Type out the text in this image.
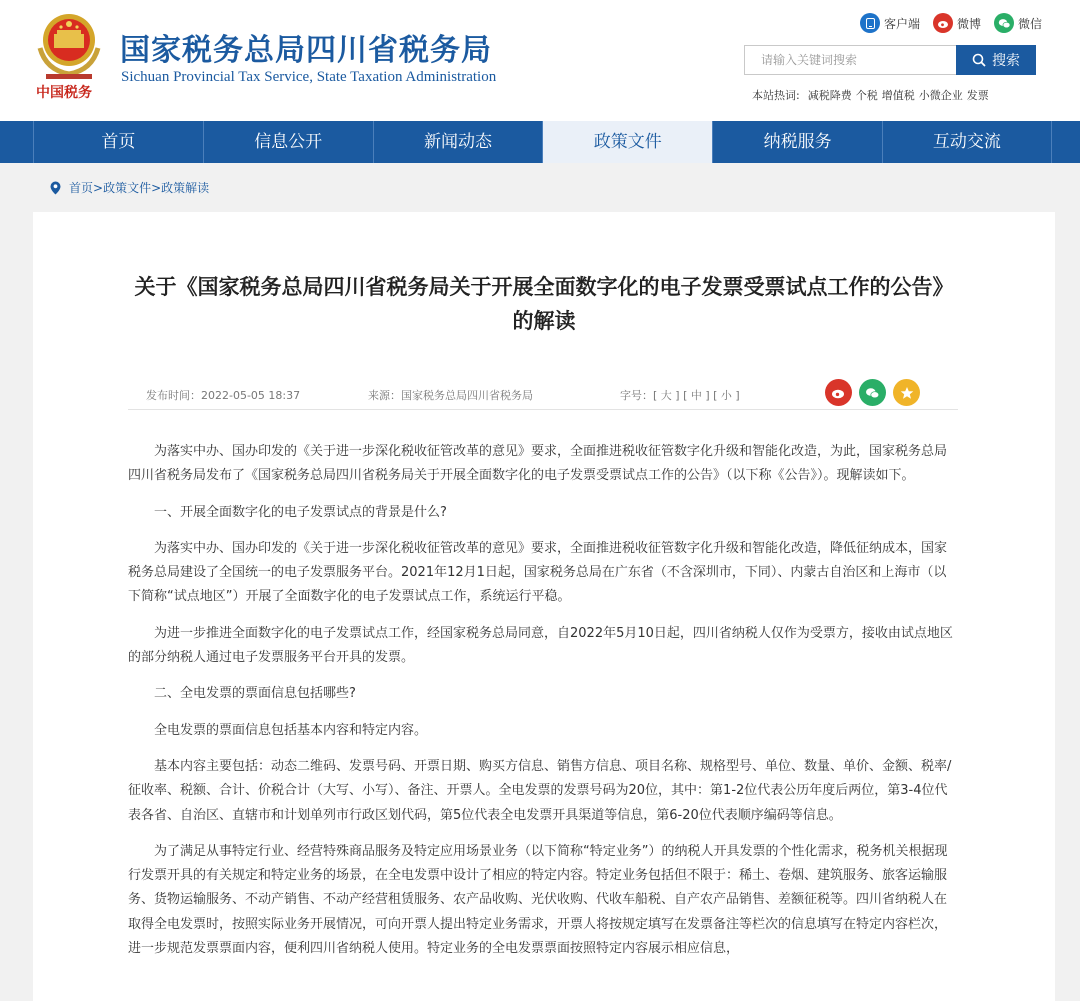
中国税务
国家税务总局四川省税务局
Sichuan Provincial Tax Service, State Taxation Administration
客户端	微博	微信
请输入关键词搜索	搜索
本站热词: 减税降费 个税 增值税 小微企业 发票
首页	信息公开	新闻动态	政策文件	纳税服务	互动交流
首页 > 政策文件 > 政策解读
关于《国家税务总局四川省税务局关于开展全面数字化的电子发票受票试点工作的公告》的解读
发布时间：2022-05-05 18:37	来源：国家税务总局四川省税务局	字号：[ 大 ] [ 中 ] [ 小 ]

为落实中办、国办印发的《关于进一步深化税收征管改革的意见》要求，全面推进税收征管数字化升级和智能化改造，为此，国家税务总局四川省税务局发布了《国家税务总局四川省税务局关于开展全面数字化的电子发票受票试点工作的公告》（以下称《公告》）。现解读如下。

一、开展全面数字化的电子发票试点的背景是什么?

为落实中办、国办印发的《关于进一步深化税收征管改革的意见》要求，全面推进税收征管数字化升级和智能化改造，降低征纳成本，国家税务总局建设了全国统一的电子发票服务平台。2021年12月1日起，国家税务总局在广东省（不含深圳市，下同）、内蒙古自治区和上海市（以下简称“试点地区”）开展了全面数字化的电子发票试点工作，系统运行平稳。

为进一步推进全面数字化的电子发票试点工作，经国家税务总局同意，自2022年5月10日起，四川省纳税人仅作为受票方，接收由试点地区的部分纳税人通过电子发票服务平台开具的发票。

二、全电发票的票面信息包括哪些?

全电发票的票面信息包括基本内容和特定内容。

基本内容主要包括：动态二维码、发票号码、开票日期、购买方信息、销售方信息、项目名称、规格型号、单位、数量、单价、金额、税率/征收率、税额、合计、价税合计（大写、小写）、备注、开票人。全电发票的发票号码为20位，其中：第1-2位代表公历年度后两位，第3-4位代表各省、自治区、直辖市和计划单列市行政区划代码，第5位代表全电发票开具渠道等信息，第6-20位代表顺序编码等信息。

为了满足从事特定行业、经营特殊商品服务及特定应用场景业务（以下简称“特定业务”）的纳税人开具发票的个性化需求，税务机关根据现行发票开具的有关规定和特定业务的场景，在全电发票中设计了相应的特定内容。特定业务包括但不限于：稀土、卷烟、建筑服务、旅客运输服务、货物运输服务、不动产销售、不动产经营租赁服务、农产品收购、光伏收购、代收车船税、自产农产品销售、差额征税等。四川省纳税人在取得全电发票时，按照实际业务开展情况，可向开票人提出特定业务需求，开票人将按规定填写在发票备注等栏次的信息填写在特定内容栏次，进一步规范发票票面内容，便利四川省纳税人使用。特定业务的全电发票票面按照特定内容展示相应信息，
